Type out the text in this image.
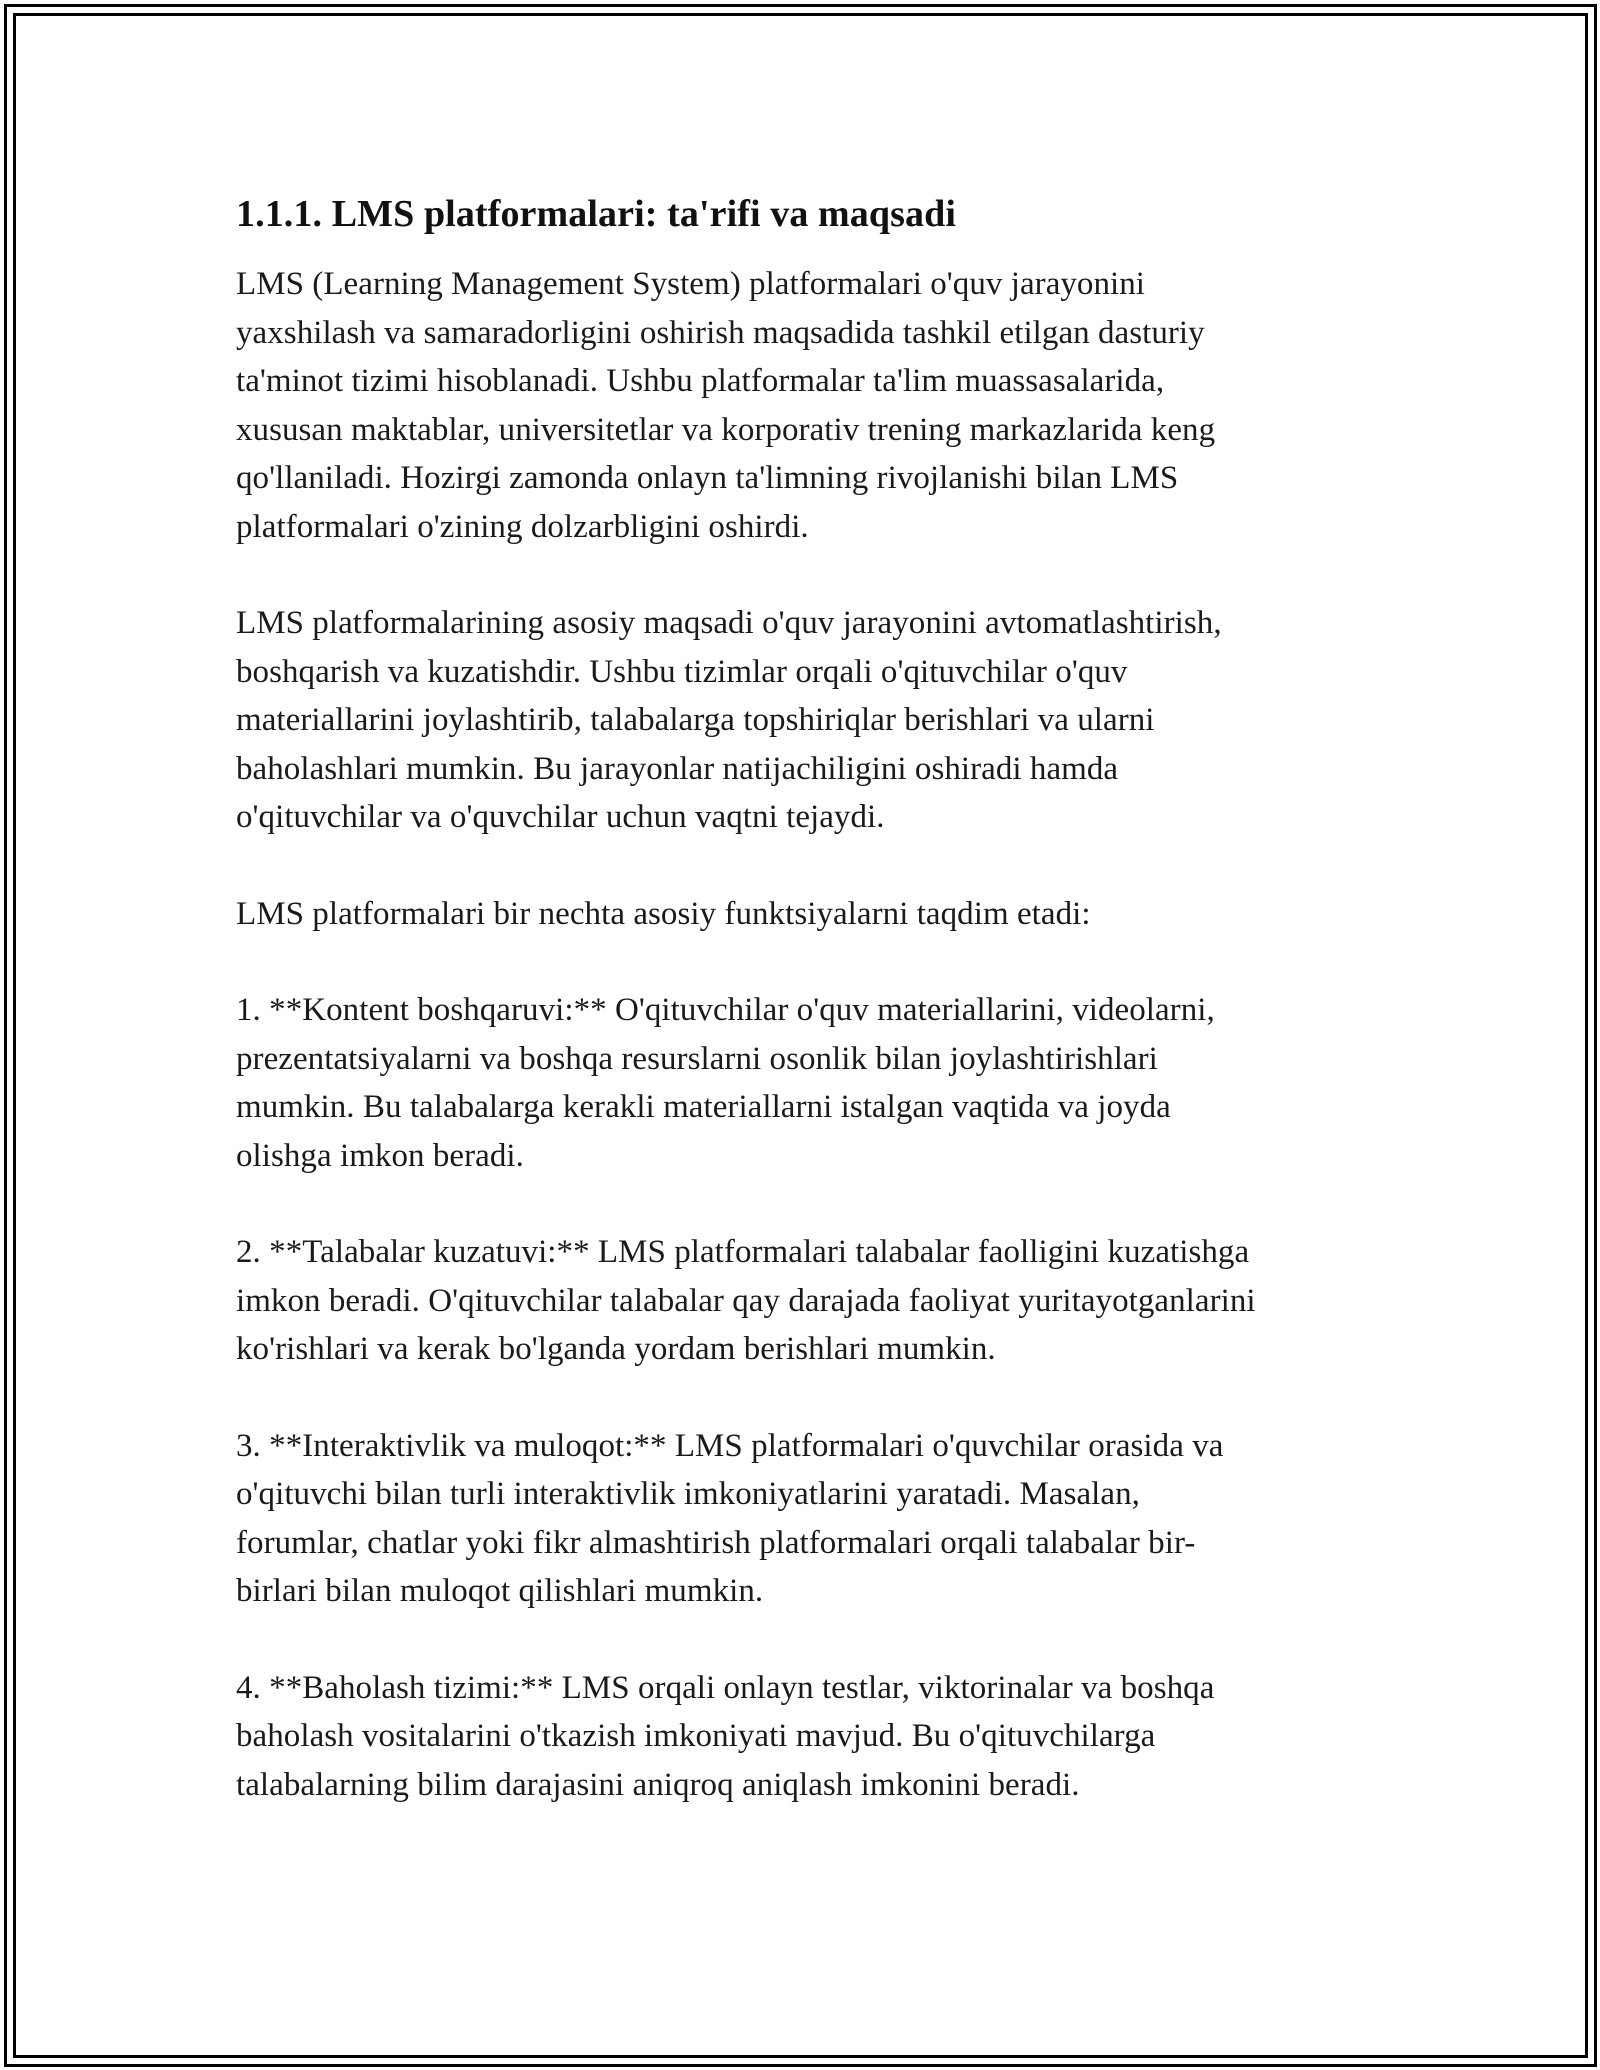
1.1.1. LMS platformalari: ta'rifi va maqsadi

LMS (Learning Management System) platformalari o'quv jarayonini
yaxshilash va samaradorligini oshirish maqsadida tashkil etilgan dasturiy
ta'minot tizimi hisoblanadi. Ushbu platformalar ta'lim muassasalarida,
xususan maktablar, universitetlar va korporativ trening markazlarida keng
qo'llaniladi. Hozirgi zamonda onlayn ta'limning rivojlanishi bilan LMS
platformalari o'zining dolzarbligini oshirdi.

LMS platformalarining asosiy maqsadi o'quv jarayonini avtomatlashtirish,
boshqarish va kuzatishdir. Ushbu tizimlar orqali o'qituvchilar o'quv
materiallarini joylashtirib, talabalarga topshiriqlar berishlari va ularni
baholashlari mumkin. Bu jarayonlar natijachiligini oshiradi hamda
o'qituvchilar va o'quvchilar uchun vaqtni tejaydi.

LMS platformalari bir nechta asosiy funktsiyalarni taqdim etadi:

1. **Kontent boshqaruvi:** O'qituvchilar o'quv materiallarini, videolarni,
prezentatsiyalarni va boshqa resurslarni osonlik bilan joylashtirishlari
mumkin. Bu talabalarga kerakli materiallarni istalgan vaqtida va joyda
olishga imkon beradi.

2. **Talabalar kuzatuvi:** LMS platformalari talabalar faolligini kuzatishga
imkon beradi. O'qituvchilar talabalar qay darajada faoliyat yuritayotganlarini
ko'rishlari va kerak bo'lganda yordam berishlari mumkin.

3. **Interaktivlik va muloqot:** LMS platformalari o'quvchilar orasida va
o'qituvchi bilan turli interaktivlik imkoniyatlarini yaratadi. Masalan,
forumlar, chatlar yoki fikr almashtirish platformalari orqali talabalar bir-
birlari bilan muloqot qilishlari mumkin.

4. **Baholash tizimi:** LMS orqali onlayn testlar, viktorinalar va boshqa
baholash vositalarini o'tkazish imkoniyati mavjud. Bu o'qituvchilarga
talabalarning bilim darajasini aniqroq aniqlash imkonini beradi.
